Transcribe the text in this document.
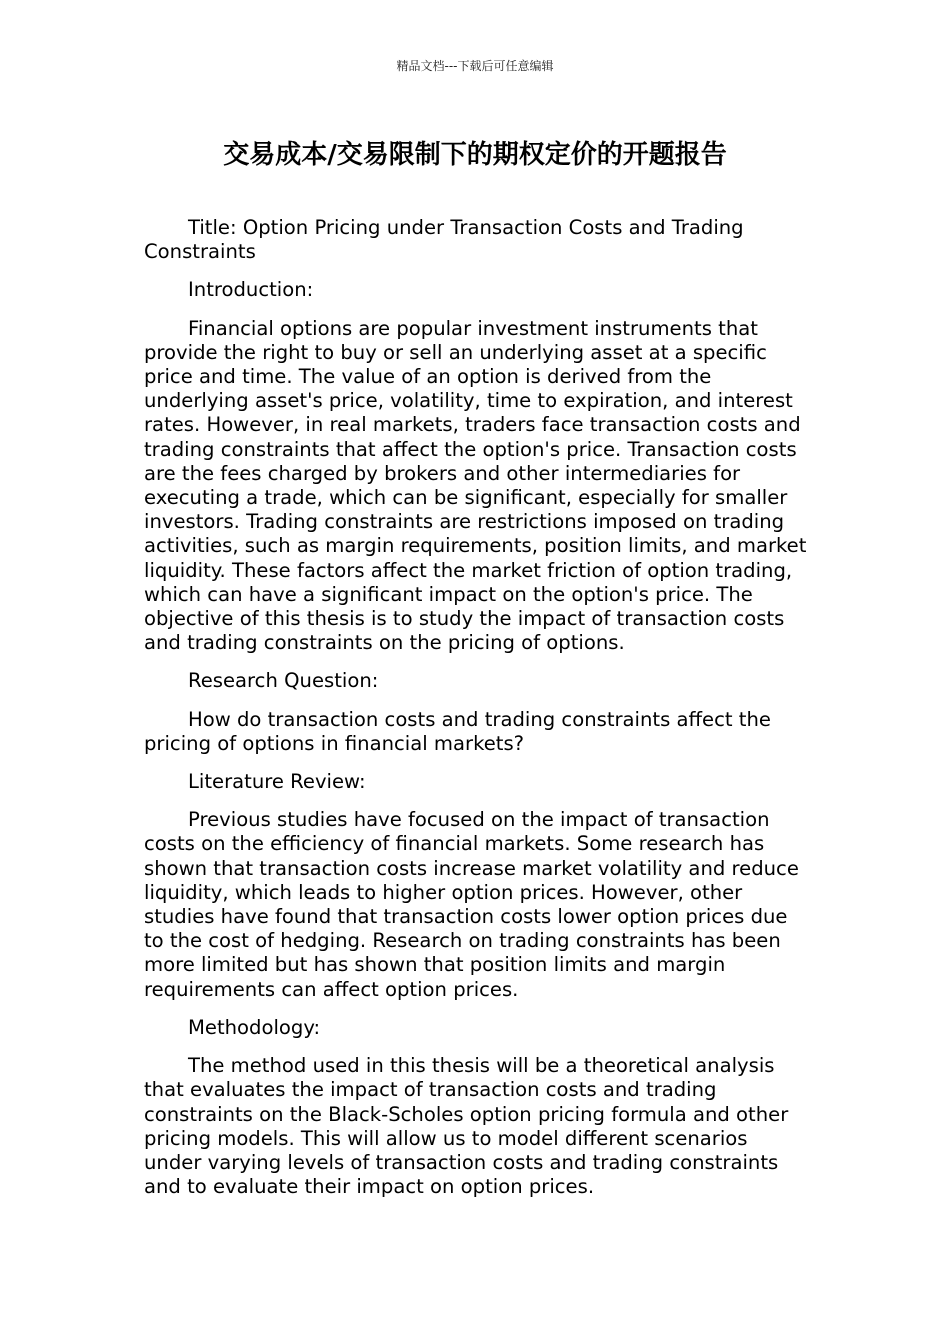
精品文档---下载后可任意编辑
交易成本/交易限制下的期权定价的开题报告

Title: Option Pricing under Transaction Costs and Trading Constraints

Introduction:

Financial options are popular investment instruments that provide the right to buy or sell an underlying asset at a specific price and time. The value of an option is derived from the underlying asset's price, volatility, time to expiration, and interest rates. However, in real markets, traders face transaction costs and trading constraints that affect the option's price. Transaction costs are the fees charged by brokers and other intermediaries for executing a trade, which can be significant, especially for smaller investors. Trading constraints are restrictions imposed on trading activities, such as margin requirements, position limits, and market liquidity. These factors affect the market friction of option trading, which can have a significant impact on the option's price. The objective of this thesis is to study the impact of transaction costs and trading constraints on the pricing of options.

Research Question:

How do transaction costs and trading constraints affect the pricing of options in financial markets?

Literature Review:

Previous studies have focused on the impact of transaction costs on the efficiency of financial markets. Some research has shown that transaction costs increase market volatility and reduce liquidity, which leads to higher option prices. However, other studies have found that transaction costs lower option prices due to the cost of hedging. Research on trading constraints has been more limited but has shown that position limits and margin requirements can affect option prices.

Methodology:

The method used in this thesis will be a theoretical analysis that evaluates the impact of transaction costs and trading constraints on the Black-Scholes option pricing formula and other pricing models. This will allow us to model different scenarios under varying levels of transaction costs and trading constraints and to evaluate their impact on option prices.
